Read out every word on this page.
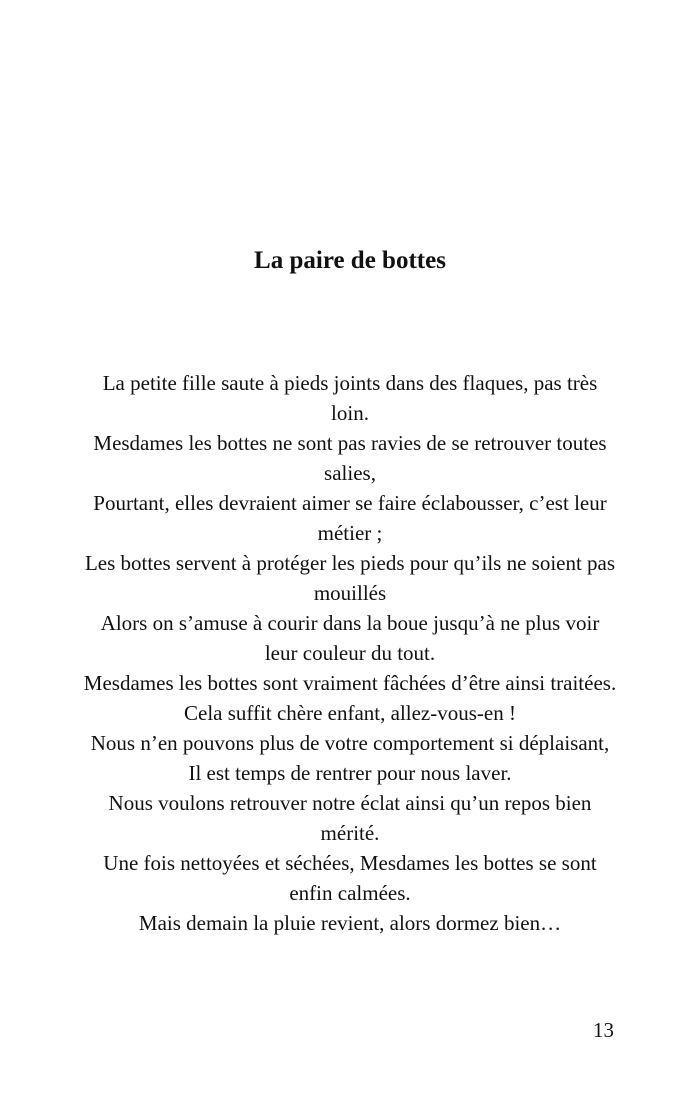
La paire de bottes
La petite fille saute à pieds joints dans des flaques, pas très loin.
Mesdames les bottes ne sont pas ravies de se retrouver toutes salies,
Pourtant, elles devraient aimer se faire éclabousser, c’est leur métier ;
Les bottes servent à protéger les pieds pour qu’ils ne soient pas mouillés
Alors on s’amuse à courir dans la boue jusqu’à ne plus voir leur couleur du tout.
Mesdames les bottes sont vraiment fâchées d’être ainsi traitées.
Cela suffit chère enfant, allez-vous-en !
Nous n’en pouvons plus de votre comportement si déplaisant,
Il est temps de rentrer pour nous laver.
Nous voulons retrouver notre éclat ainsi qu’un repos bien mérité.
Une fois nettoyées et séchées, Mesdames les bottes se sont enfin calmées.
Mais demain la pluie revient, alors dormez bien…
13
